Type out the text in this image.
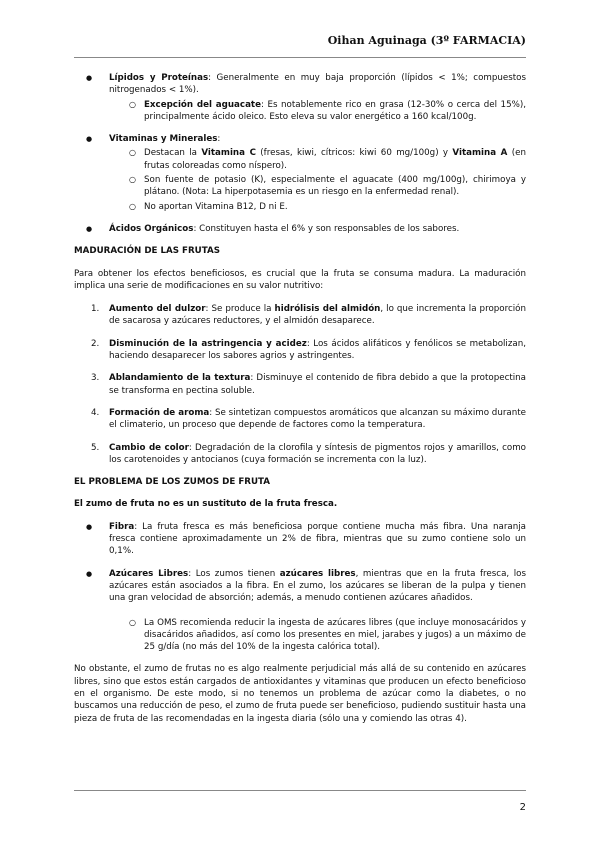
Oihan Aguinaga (3º FARMACIA)
● Lípidos y Proteínas: Generalmente en muy baja proporción (lípidos < 1%; compuestos nitrogenados < 1%).
○ Excepción del aguacate: Es notablemente rico en grasa (12-30% o cerca del 15%), principalmente ácido oleico. Esto eleva su valor energético a 160 kcal/100g.
● Vitaminas y Minerales:
○ Destacan la Vitamina C (fresas, kiwi, cítricos: kiwi 60 mg/100g) y Vitamina A (en frutas coloreadas como níspero).
○ Son fuente de potasio (K), especialmente el aguacate (400 mg/100g), chirimoya y plátano. (Nota: La hiperpotasemia es un riesgo en la enfermedad renal).
○ No aportan Vitamina B12, D ni E.
● Ácidos Orgánicos: Constituyen hasta el 6% y son responsables de los sabores.
MADURACIÓN DE LAS FRUTAS

Para obtener los efectos beneficiosos, es crucial que la fruta se consuma madura. La maduración implica una serie de modificaciones en su valor nutritivo:

1. Aumento del dulzor: Se produce la hidrólisis del almidón, lo que incrementa la proporción de sacarosa y azúcares reductores, y el almidón desaparece.
2. Disminución de la astringencia y acidez: Los ácidos alifáticos y fenólicos se metabolizan, haciendo desaparecer los sabores agrios y astringentes.
3. Ablandamiento de la textura: Disminuye el contenido de fibra debido a que la protopectina se transforma en pectina soluble.
4. Formación de aroma: Se sintetizan compuestos aromáticos que alcanzan su máximo durante el climaterio, un proceso que depende de factores como la temperatura.
5. Cambio de color: Degradación de la clorofila y síntesis de pigmentos rojos y amarillos, como los carotenoides y antocianos (cuya formación se incrementa con la luz).
EL PROBLEMA DE LOS ZUMOS DE FRUTA
El zumo de fruta no es un sustituto de la fruta fresca.
● Fibra: La fruta fresca es más beneficiosa porque contiene mucha más fibra. Una naranja fresca contiene aproximadamente un 2% de fibra, mientras que su zumo contiene solo un 0,1%.
● Azúcares Libres: Los zumos tienen azúcares libres, mientras que en la fruta fresca, los azúcares están asociados a la fibra. En el zumo, los azúcares se liberan de la pulpa y tienen una gran velocidad de absorción; además, a menudo contienen azúcares añadidos.
○ La OMS recomienda reducir la ingesta de azúcares libres (que incluye monosacáridos y disacáridos añadidos, así como los presentes en miel, jarabes y jugos) a un máximo de 25 g/día (no más del 10% de la ingesta calórica total).

No obstante, el zumo de frutas no es algo realmente perjudicial más allá de su contenido en azúcares libres, sino que estos están cargados de antioxidantes y vitaminas que producen un efecto beneficioso en el organismo. De este modo, si no tenemos un problema de azúcar como la diabetes, o no buscamos una reducción de peso, el zumo de fruta puede ser beneficioso, pudiendo sustituir hasta una pieza de fruta de las recomendadas en la ingesta diaria (sólo una y comiendo las otras 4).

2
